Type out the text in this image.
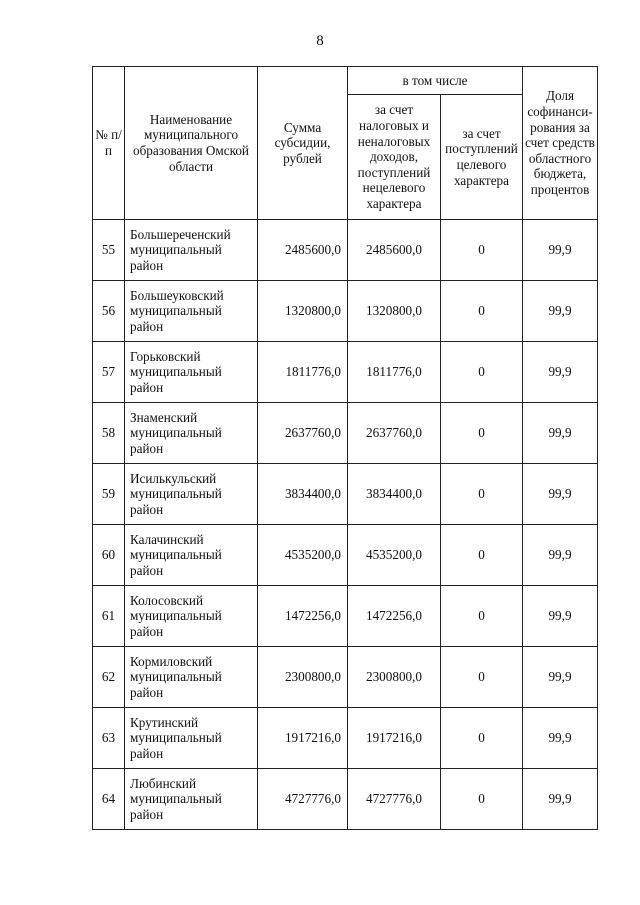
8
№ п/п	Наименование муниципального образования Омской области	Сумма субсидии, рублей	в том числе		Доля софинанси-рования за счет средств областного бюджета, процентов
			за счет налоговых и неналоговых доходов, поступлений нецелевого характера	за счет поступлений целевого характера	
55	Большереченский муниципальный район	2485600,0	2485600,0	0	99,9
56	Большеуковский муниципальный район	1320800,0	1320800,0	0	99,9
57	Горьковский муниципальный район	1811776,0	1811776,0	0	99,9
58	Знаменский муниципальный район	2637760,0	2637760,0	0	99,9
59	Исилькульский муниципальный район	3834400,0	3834400,0	0	99,9
60	Калачинский муниципальный район	4535200,0	4535200,0	0	99,9
61	Колосовский муниципальный район	1472256,0	1472256,0	0	99,9
62	Кормиловский муниципальный район	2300800,0	2300800,0	0	99,9
63	Крутинский муниципальный район	1917216,0	1917216,0	0	99,9
64	Любинский муниципальный район	4727776,0	4727776,0	0	99,9
